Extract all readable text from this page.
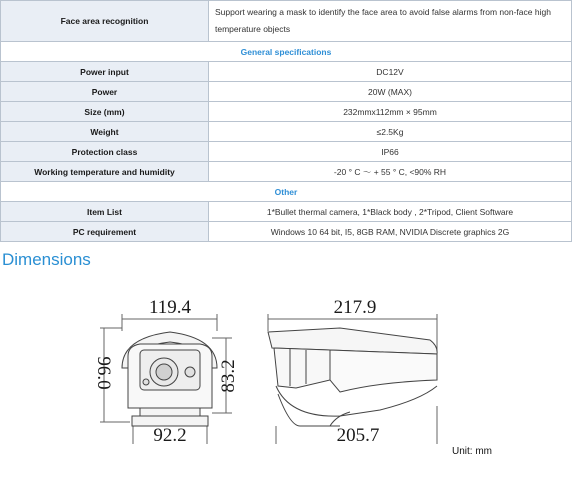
Face area recognition	Support wearing a mask to identify the face area to avoid false alarms from non-face high temperature objects
General specifications	
Power input	DC12V
Power	20W (MAX)
Size (mm)	232mmx112mm × 95mm
Weight	≤2.5Kg
Protection class	IP66
Working temperature and humidity	-20 ° C ～ + 55 ° C, <90% RH
Other	
Item List	1*Bullet thermal camera, 1*Black body , 2*Tripod, Client Software
PC requirement	Windows 10 64 bit, I5, 8GB RAM, NVIDIA Discrete graphics 2G
Dimensions
119.4
96.0	83.2
92.2
217.9
205.7
Unit: mm
